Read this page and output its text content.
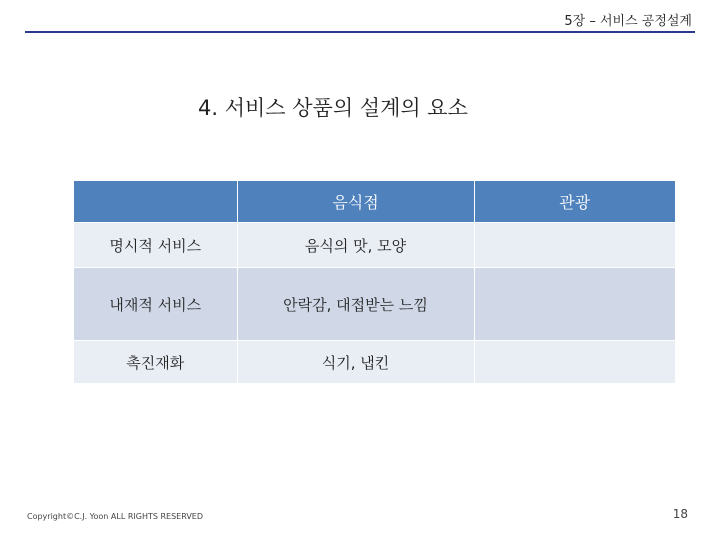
5장 – 서비스 공정설계
4. 서비스 상품의 설계의 요소
	음식점	관광
명시적 서비스	음식의 맛, 모양	
내재적 서비스	안락감, 대접받는 느낌	
촉진재화	식기, 냅킨	
Copyright©C.J. Yoon ALL RIGHTS RESERVED	18
